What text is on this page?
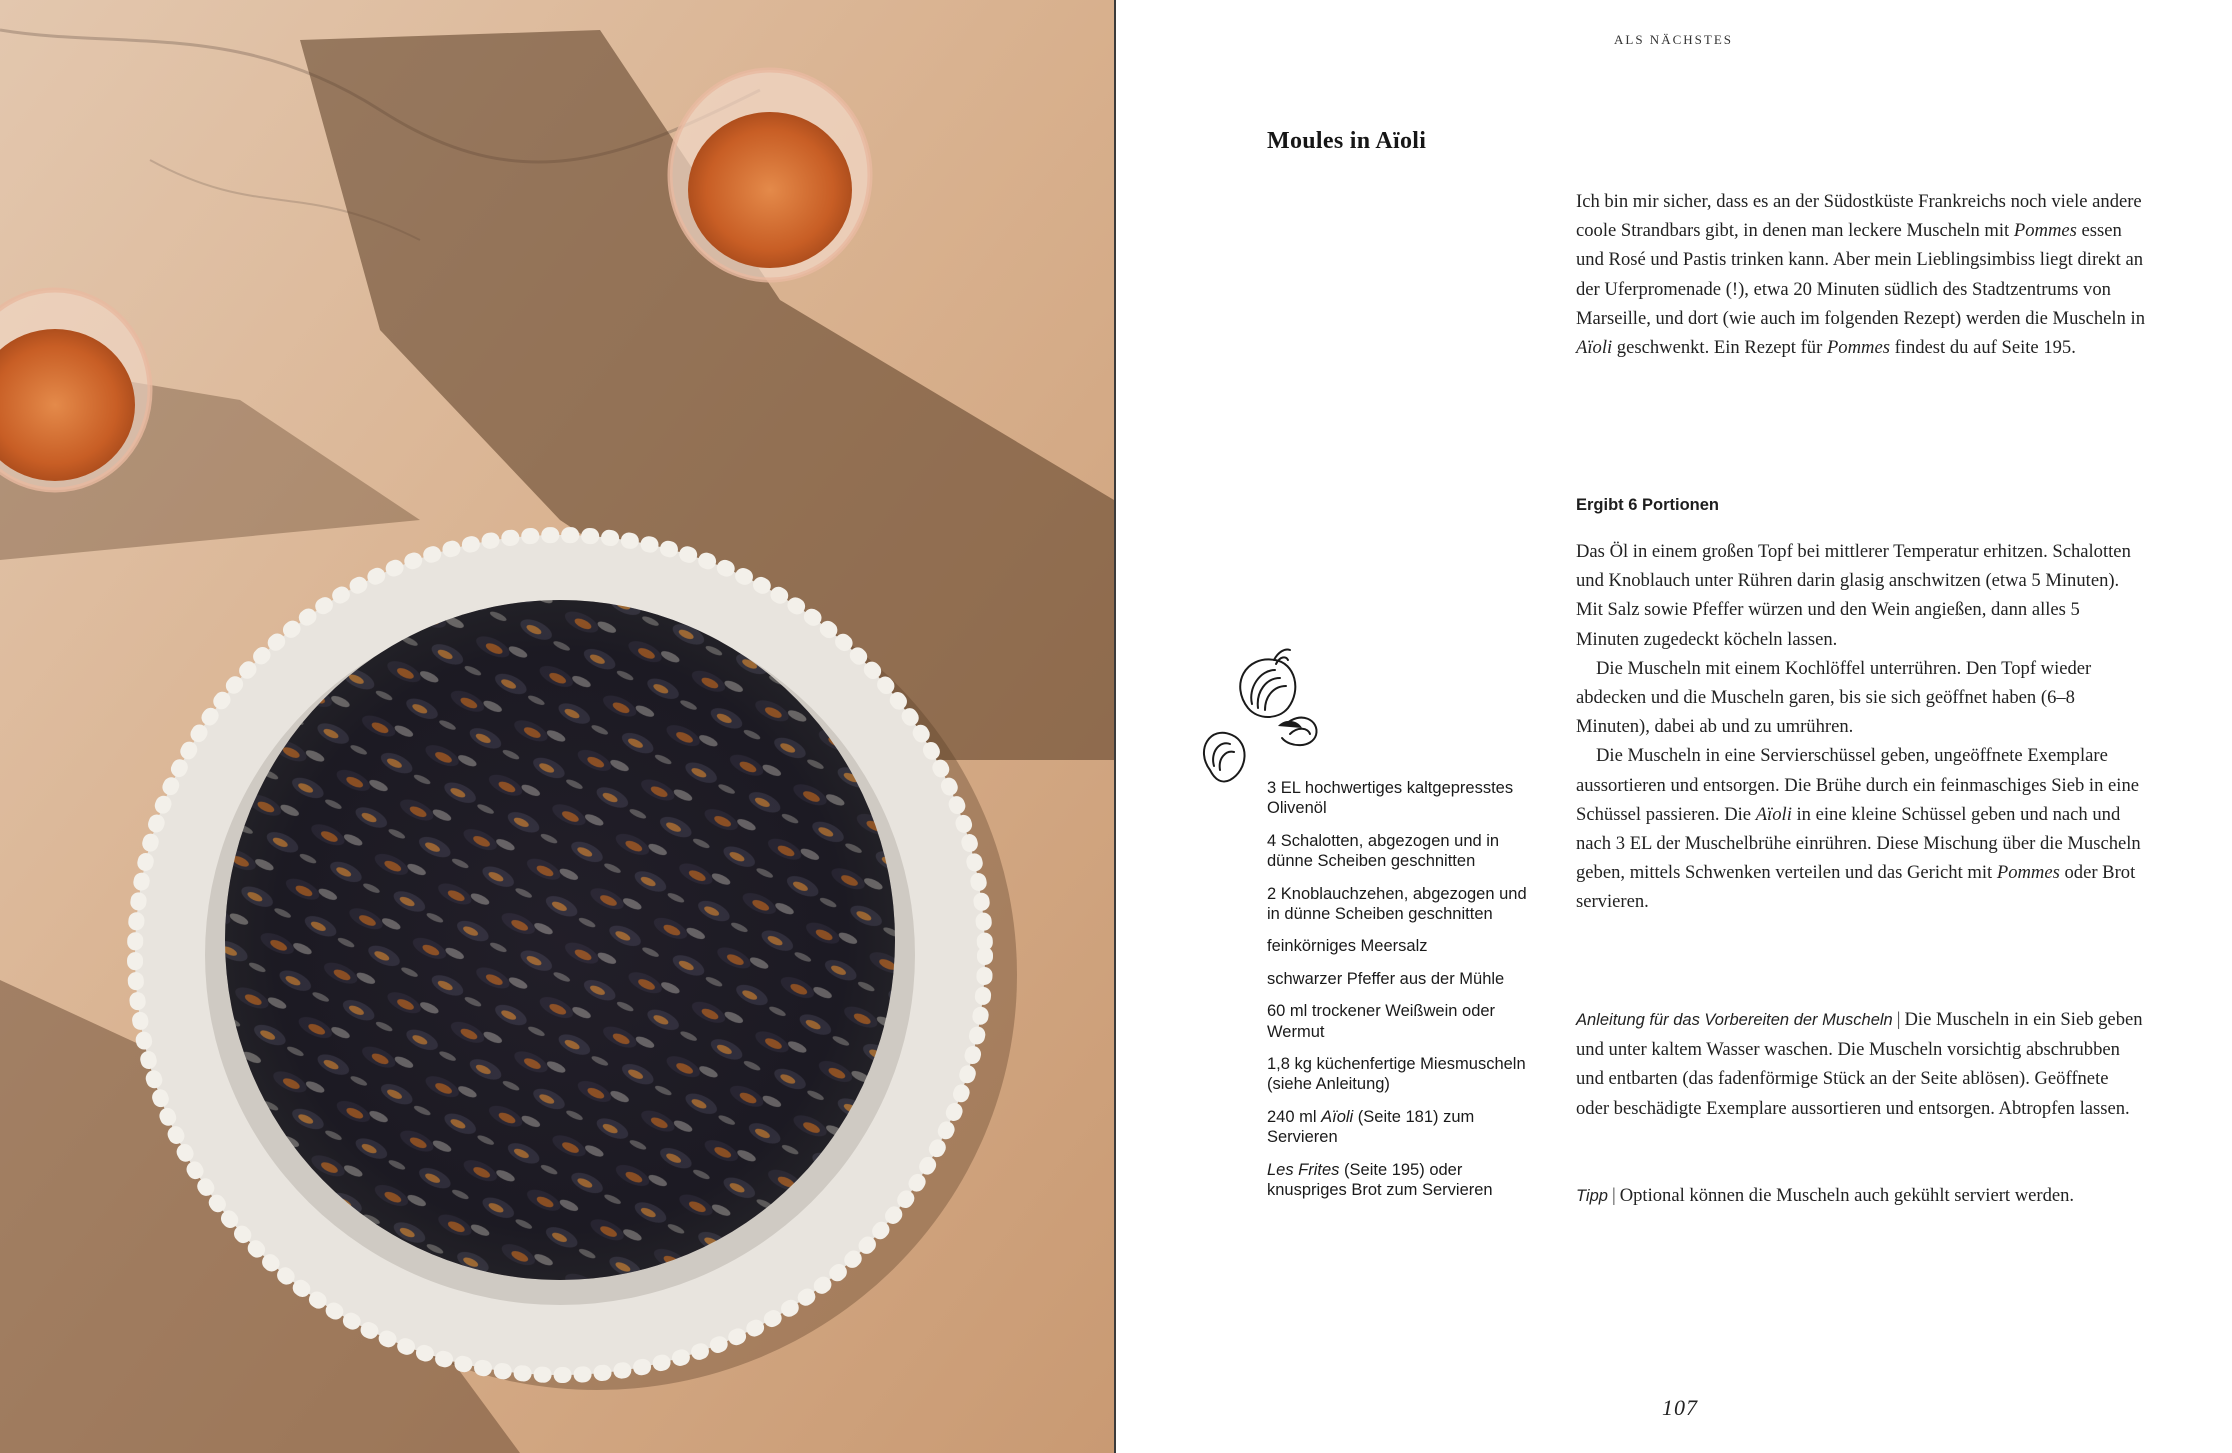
ALS NÄCHSTES
Moules in Aïoli
Ich bin mir sicher, dass es an der Südostküste Frankreichs noch viele andere coole Strandbars gibt, in denen man leckere Muscheln mit Pommes essen und Rosé und Pastis trinken kann. Aber mein Lieblingsimbiss liegt direkt an der Uferpromenade (!), etwa 20 Minuten südlich des Stadtzentrums von Marseille, und dort (wie auch im folgenden Rezept) werden die Muscheln in Aïoli geschwenkt. Ein Rezept für Pommes findest du auf Seite 195.
Ergibt 6 Portionen

Das Öl in einem großen Topf bei mittlerer Temperatur erhitzen. Schalotten und Knoblauch unter Rühren darin glasig anschwitzen (etwa 5 Minuten). Mit Salz sowie Pfeffer würzen und den Wein angießen, dann alles 5 Minuten zugedeckt köcheln lassen.

Die Muscheln mit einem Kochlöffel unterrühren. Den Topf wieder abdecken und die Muscheln garen, bis sie sich geöffnet haben (6–8 Minuten), dabei ab und zu umrühren.

Die Muscheln in eine Servierschüssel geben, ungeöffnete Exemplare aussortieren und entsorgen. Die Brühe durch ein feinmaschiges Sieb in eine Schüssel passieren. Die Aïoli in eine kleine Schüssel geben und nach und nach 3 EL der Muschelbrühe einrühren. Diese Mischung über die Muscheln geben, mittels Schwenken verteilen und das Gericht mit Pommes oder Brot servieren.

Anleitung für das Vorbereiten der Muscheln | Die Muscheln in ein Sieb geben und unter kaltem Wasser waschen. Die Muscheln vorsichtig abschrubben und entbarten (das fadenförmige Stück an der Seite ablösen). Geöffnete oder beschädigte Exemplare aussortieren und entsorgen. Abtropfen lassen.
Tipp | Optional können die Muscheln auch gekühlt serviert werden.
3 EL hochwertiges kaltgepresstes Olivenöl
4 Schalotten, abgezogen und in dünne Scheiben geschnitten
2 Knoblauchzehen, abgezogen und in dünne Scheiben geschnitten
feinkörniges Meersalz
schwarzer Pfeffer aus der Mühle
60 ml trockener Weißwein oder Wermut
1,8 kg küchenfertige Miesmuscheln (siehe Anleitung)
240 ml Aïoli (Seite 181) zum Servieren
Les Frites (Seite 195) oder knuspriges Brot zum Servieren
107
